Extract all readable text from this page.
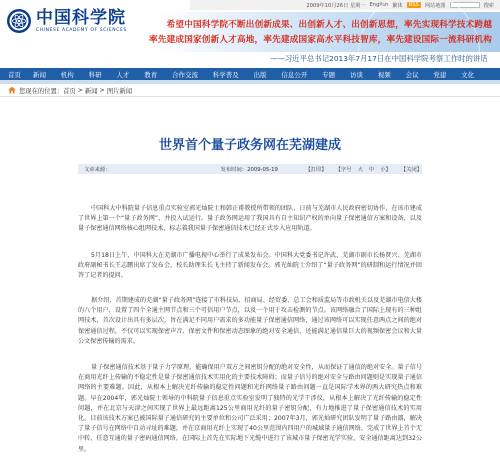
中国科学院
CHINESE ACADEMY OF SCIENCES
2009年10月26日 星期一 English	搜索
希望中国科学院不断出创新成果、出创新人才、出创新思想，率先实现科学技术跨越
率先建成国家创新人才高地，率先建成国家高水平科技智库，率先建设国际一流科研机构
——习近平总书记2013年7月17日在中国科学院考察工作时的讲话
首页 新闻 机构 科研 人才 教育 合作交流 科学普及 出版 信息公开 专题 访谈 视频 会议 党建 文化
您现在的位置： 首页 > 新闻 > 图片新闻
世界首个量子政务网在芜湖建成
文章来源：	发布时间：2009-05-19	【打印】 【字号 大 中 小】 【关闭】

中国科大中科院量子信息重点实验室郭光灿院士和韩正甫教授所带领的团队，日前与芜湖市人民政府密切协作，在该市建成了世界上第一个“量子政务网”，并投入试运行。量子政务网运用了我国具有自主知识产权的单向量子保密通信方案和设备，以及量子保密通信网络核心组网技术，标志着我国量子保密通信技术已经正式步入应用轨道。

5月18日上午，中国科大在芜湖市广播电视中心举行了成果发布会。中国科大党委书记许武、芜湖市副市长杨贤兴、芜湖市政府副秘书长王志鹏出席了发布会。校长助理朱长飞主持了新闻发布会。郭光灿院士介绍了“量子政务网”的研制和运行情况并回答了记者的提问。

据介绍，首期建成的芜湖“量子政务网”连接了市科技局、招商局、经贸委、总工会和质监局等市政机关以及芜湖市电信大楼的八个用户，设置了四个全通主网节点和三个可信用户节点，以及一个用于攻击检测的节点。该网络融合了国际上现有的三种组网技术，首次设计出具有多层次，旨在满足不同用户需求的多功能量子保密通信网络，通过该网络可以实现任意两点之间的绝对保密通信过程，不仅可以实现保密声音、保密文件和保密动态图象的绝对安全通信，还能满足通信量巨大的视频保密会议和大量公文保密传输的需求。

量子保密通信技术基于量子力学原理，能确保用户双方之间密钥分配的绝对安全性，从而保证了通信的绝对安全。量子信号在商用光纤上传输的不稳定性是量子保密通信技术实用化的主要技术障碍；而量子信号的绝对安全与路由问题则是实现量子通信网络的主要难题。因此，从根本上解决光纤传输的稳定性问题和光纤网络量子路由问题一直是国际学术界的两大研究热点和难题。早在2004年，郭光灿院士领导的中科院量子信息重点实验室发明了独特的光学干涉仪，从根本上解决了光纤传输的稳定性问题，并在北京与天津之间实现了世界上最远距离125公里商用光纤的量子密钥分配，有力地推进了量子保密通信技术的实用化。目前该技术方案已被国际量子通信研究的主要单位和公司广泛采用；2007年3月，郭光灿研究团队发明了量子路由器，解决了量子信号在网络中自动寻址的难题，并在京商用光纤上实现了40公里范围内四用户的城域量子通信网络，完成了世界上首个无中转、任意互通的量子密码通信网络，在国际上首先在实际地下光缆中进行了该城市量子保密光学实验，安全通信距离达到32公里。
